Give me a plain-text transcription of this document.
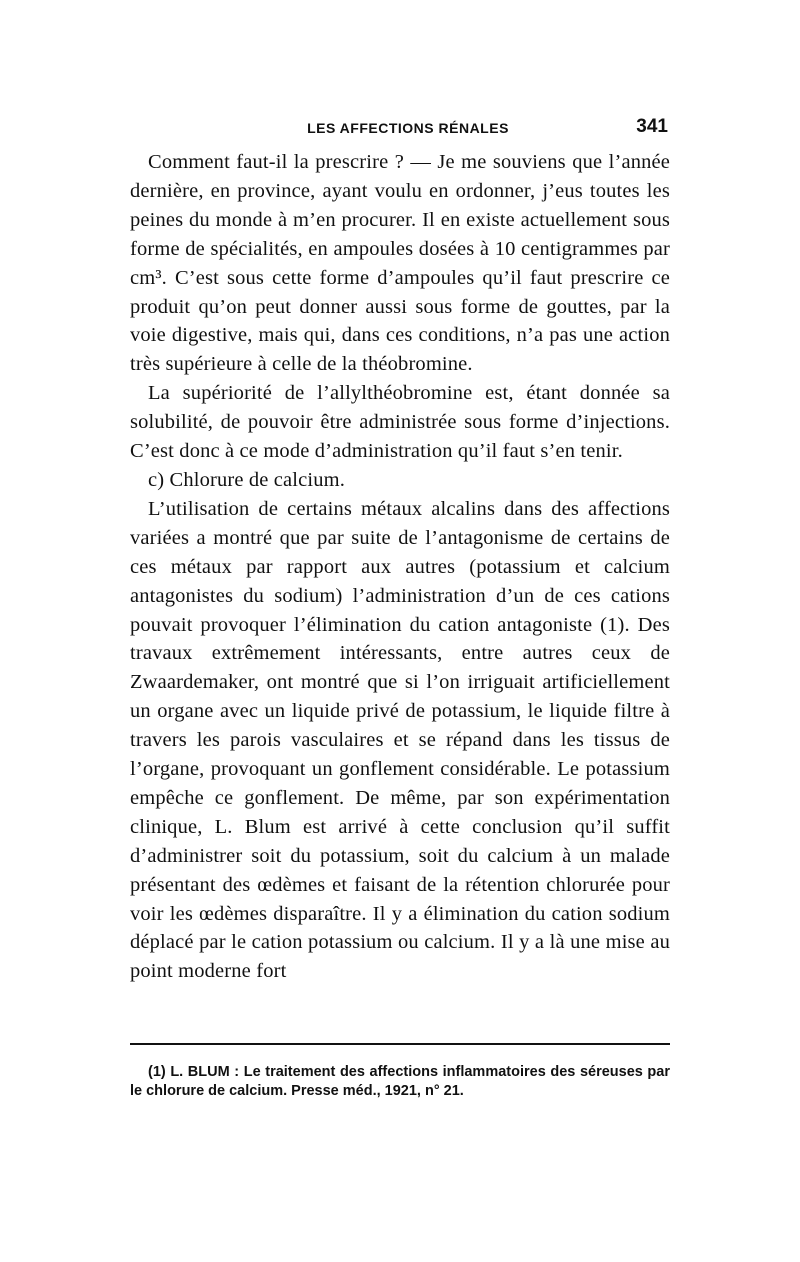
LES AFFECTIONS RÉNALES	341

Comment faut-il la prescrire ? — Je me souviens que l’année dernière, en province, ayant voulu en ordonner, j’eus toutes les peines du monde à m’en procurer. Il en existe actuellement sous forme de spécialités, en ampoules dosées à 10 centigrammes par cm³. C’est sous cette forme d’ampoules qu’il faut prescrire ce produit qu’on peut donner aussi sous forme de gouttes, par la voie digestive, mais qui, dans ces conditions, n’a pas une action très supérieure à celle de la théobromine.

La supériorité de l’allylthéobromine est, étant donnée sa solubilité, de pouvoir être administrée sous forme d’injections. C’est donc à ce mode d’administration qu’il faut s’en tenir.

c) Chlorure de calcium.

L’utilisation de certains métaux alcalins dans des affections variées a montré que par suite de l’antagonisme de certains de ces métaux par rapport aux autres (potassium et calcium antagonistes du sodium) l’administration d’un de ces cations pouvait provoquer l’élimination du cation antagoniste (1). Des travaux extrêmement intéressants, entre autres ceux de Zwaardemaker, ont montré que si l’on irriguait artificiellement un organe avec un liquide privé de potassium, le liquide filtre à travers les parois vasculaires et se répand dans les tissus de l’organe, provoquant un gonflement considérable. Le potassium empêche ce gonflement. De même, par son expérimentation clinique, L. Blum est arrivé à cette conclusion qu’il suffit d’administrer soit du potassium, soit du calcium à un malade présentant des œdèmes et faisant de la rétention chlorurée pour voir les œdèmes disparaître. Il y a élimination du cation sodium déplacé par le cation potassium ou calcium. Il y a là une mise au point moderne fort

(1) L. BLUM : Le traitement des affections inflammatoires des séreuses par le chlorure de calcium. Presse méd., 1921, n° 21.
